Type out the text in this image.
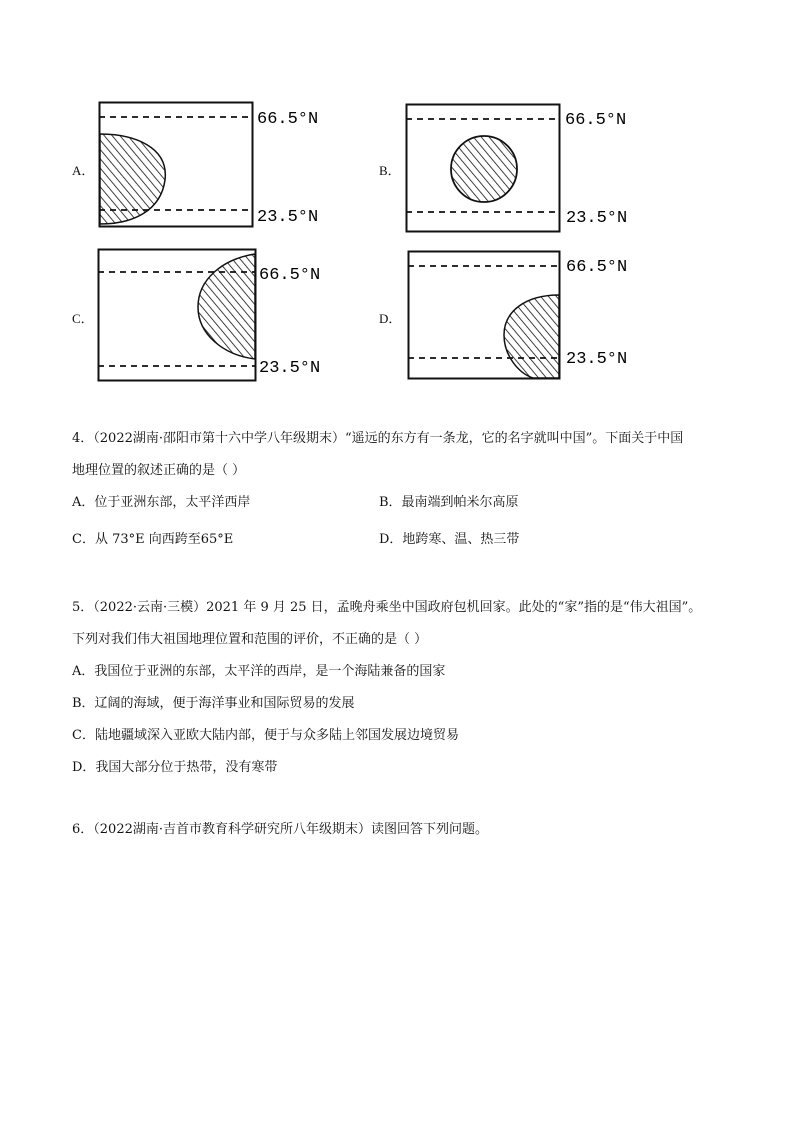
A．
66.5°N
23.5°N
B．
66.5°N
23.5°N
C．
66.5°N
23.5°N
D．
66.5°N
23.5°N
4．（2022湖南·邵阳市第十六中学八年级期末）“遥远的东方有一条龙，它的名字就叫中国”。下面关于中国
地理位置的叙述正确的是（ ）
A．位于亚洲东部，太平洋西岸	B．最南端到帕米尔高原
C．从 73°E 向西跨至65°E	D．地跨寒、温、热三带
5．（2022·云南·三模）2021 年 9 月 25 日，孟晚舟乘坐中国政府包机回家。此处的“家”指的是“伟大祖国”。
下列对我们伟大祖国地理位置和范围的评价，不正确的是（ ）
A．我国位于亚洲的东部，太平洋的西岸，是一个海陆兼备的国家
B．辽阔的海域，便于海洋事业和国际贸易的发展
C．陆地疆域深入亚欧大陆内部，便于与众多陆上邻国发展边境贸易
D．我国大部分位于热带，没有寒带
6．（2022湖南·吉首市教育科学研究所八年级期末）读图回答下列问题。
